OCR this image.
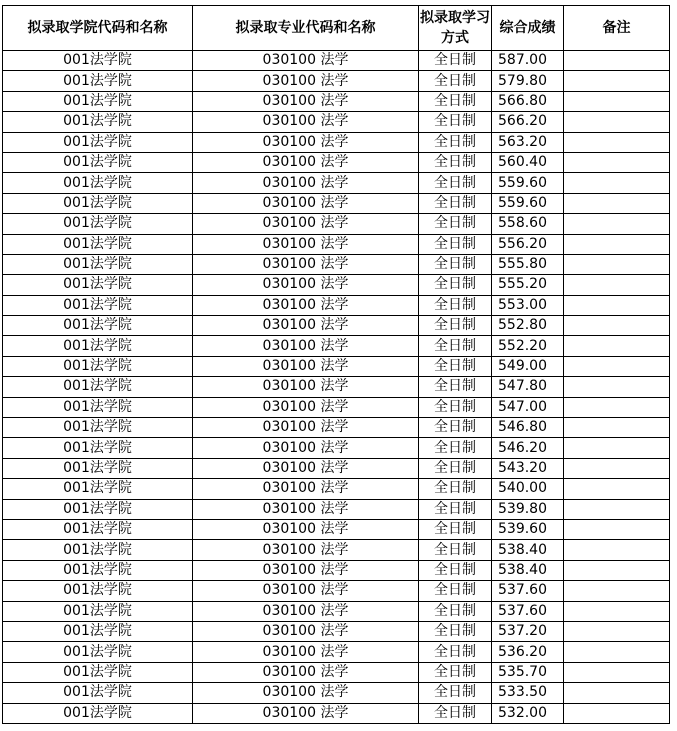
拟录取学院代码和名称	拟录取专业代码和名称	拟录取学习方式	综合成绩	备注
001法学院	030100 法学	全日制	587.00	
001法学院	030100 法学	全日制	579.80	
001法学院	030100 法学	全日制	566.80	
001法学院	030100 法学	全日制	566.20	
001法学院	030100 法学	全日制	563.20	
001法学院	030100 法学	全日制	560.40	
001法学院	030100 法学	全日制	559.60	
001法学院	030100 法学	全日制	559.60	
001法学院	030100 法学	全日制	558.60	
001法学院	030100 法学	全日制	556.20	
001法学院	030100 法学	全日制	555.80	
001法学院	030100 法学	全日制	555.20	
001法学院	030100 法学	全日制	553.00	
001法学院	030100 法学	全日制	552.80	
001法学院	030100 法学	全日制	552.20	
001法学院	030100 法学	全日制	549.00	
001法学院	030100 法学	全日制	547.80	
001法学院	030100 法学	全日制	547.00	
001法学院	030100 法学	全日制	546.80	
001法学院	030100 法学	全日制	546.20	
001法学院	030100 法学	全日制	543.20	
001法学院	030100 法学	全日制	540.00	
001法学院	030100 法学	全日制	539.80	
001法学院	030100 法学	全日制	539.60	
001法学院	030100 法学	全日制	538.40	
001法学院	030100 法学	全日制	538.40	
001法学院	030100 法学	全日制	537.60	
001法学院	030100 法学	全日制	537.60	
001法学院	030100 法学	全日制	537.20	
001法学院	030100 法学	全日制	536.20	
001法学院	030100 法学	全日制	535.70	
001法学院	030100 法学	全日制	533.50	
001法学院	030100 法学	全日制	532.00	
